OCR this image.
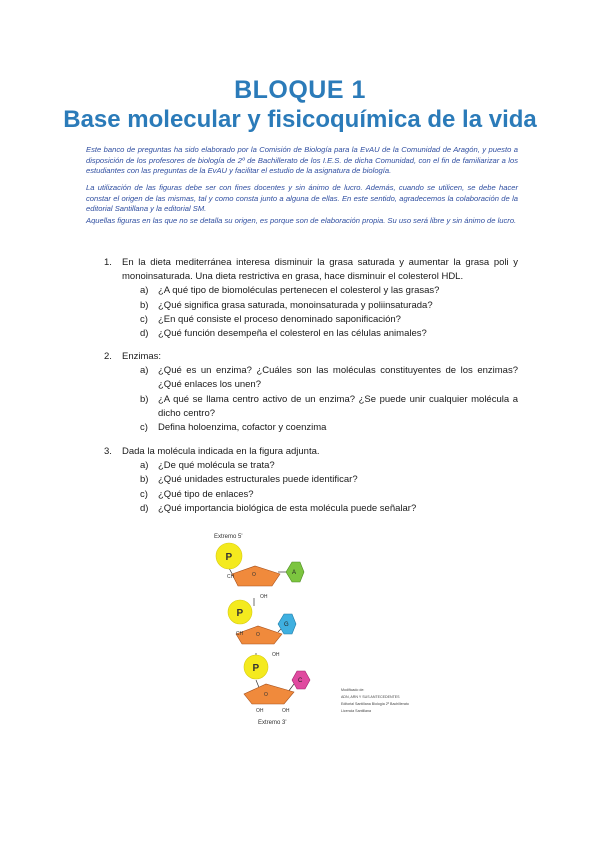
BLOQUE 1
Base molecular y fisicoquímica de la vida
Este banco de preguntas ha sido elaborado por la Comisión de Biología para la EvAU de la Comunidad de Aragón, y puesto a disposición de los profesores de biología de 2º de Bachillerato de los I.E.S. de dicha Comunidad, con el fin de familiarizar a los estudiantes con las preguntas de la EvAU y facilitar el estudio de la asignatura de biología.
La utilización de las figuras debe ser con fines docentes y sin ánimo de lucro. Además, cuando se utilicen, se debe hacer constar el origen de las mismas, tal y como consta junto a alguna de ellas. En este sentido, agradecemos la colaboración de la editorial Santillana y la editorial SM.
Aquellas figuras en las que no se detalla su origen, es porque son de elaboración propia. Su uso será libre y sin ánimo de lucro.
1.	En la dieta mediterránea interesa disminuir la grasa saturada y aumentar la grasa poli y monoinsaturada. Una dieta restrictiva en grasa, hace disminuir el colesterol HDL.
a) ¿A qué tipo de biomoléculas pertenecen el colesterol y las grasas?
b) ¿Qué significa grasa saturada, monoinsaturada y poliinsaturada?
c) ¿En qué consiste el proceso denominado saponificación?
d) ¿Qué función desempeña el colesterol en las células animales?
2.	Enzimas:
a) ¿Qué es un enzima? ¿Cuáles son las moléculas constituyentes de los enzimas? ¿Qué enlaces los unen?
b) ¿A qué se llama centro activo de un enzima? ¿Se puede unir cualquier molécula a dicho centro?
c) Defina holoenzima, cofactor y coenzima
3.	Dada la molécula indicada en la figura adjunta.
a) ¿De qué molécula se trata?
b) ¿Qué unidades estructurales puede identificar?
c) ¿Qué tipo de enlaces?
d) ¿Qué importancia biológica de esta molécula puede señalar?
Extremo 5'
P
O
CH
OH
A
P
O
CH
OH
G
P
O
OH	OH
C
Extremo 3'
Modificado de:
ADN, ARN Y SUS ANTECEDENTES
Editorial Santillana Biología 2º Bachillerato
Licencia Santillana
